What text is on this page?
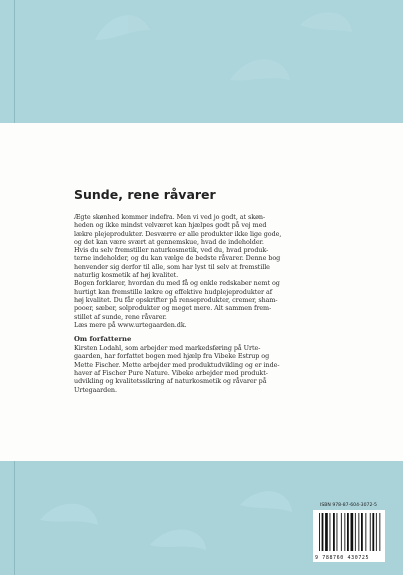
Sunde, rene råvarer
Ægte skønhed kommer indefra. Men vi ved jo godt, at skøn-
heden og ikke mindst velværet kan hjælpes godt på vej med
lækre plejeprodukter. Desværre er alle produkter ikke lige gode,
og det kan være svært at gennemskue, hvad de indeholder.
Hvis du selv fremstiller naturkosmetik, ved du, hvad produk-
terne indeholder, og du kan vælge de bedste råvarer. Denne bog
henvender sig derfor til alle, som har lyst til selv at fremstille
naturlig kosmetik af høj kvalitet.
Bogen forklarer, hvordan du med få og enkle redskaber nemt og
hurtigt kan fremstille lækre og effektive hudplejeprodukter af
høj kvalitet. Du får opskrifter på renseprodukter, cremer, sham-
pooer, sæber, solprodukter og meget mere. Alt sammen frem-
stillet af sunde, rene råvarer.

Læs mere på www.urtegaarden.dk.

Om forfatterne

Kirsten Lodahl, som arbejder med markedsføring på Urte-
gaarden, har forfattet bogen med hjælp fra Vibeke Estrup og
Mette Fischer. Mette arbejder med produktudvikling og er inde-
haver af Fischer Pure Nature. Vibeke arbejder med produkt-
udvikling og kvalitetssikring af naturkosmetik og råvarer på
Urtegaarden.
ISBN 978-87-604-3072-5
9 788760 430725
